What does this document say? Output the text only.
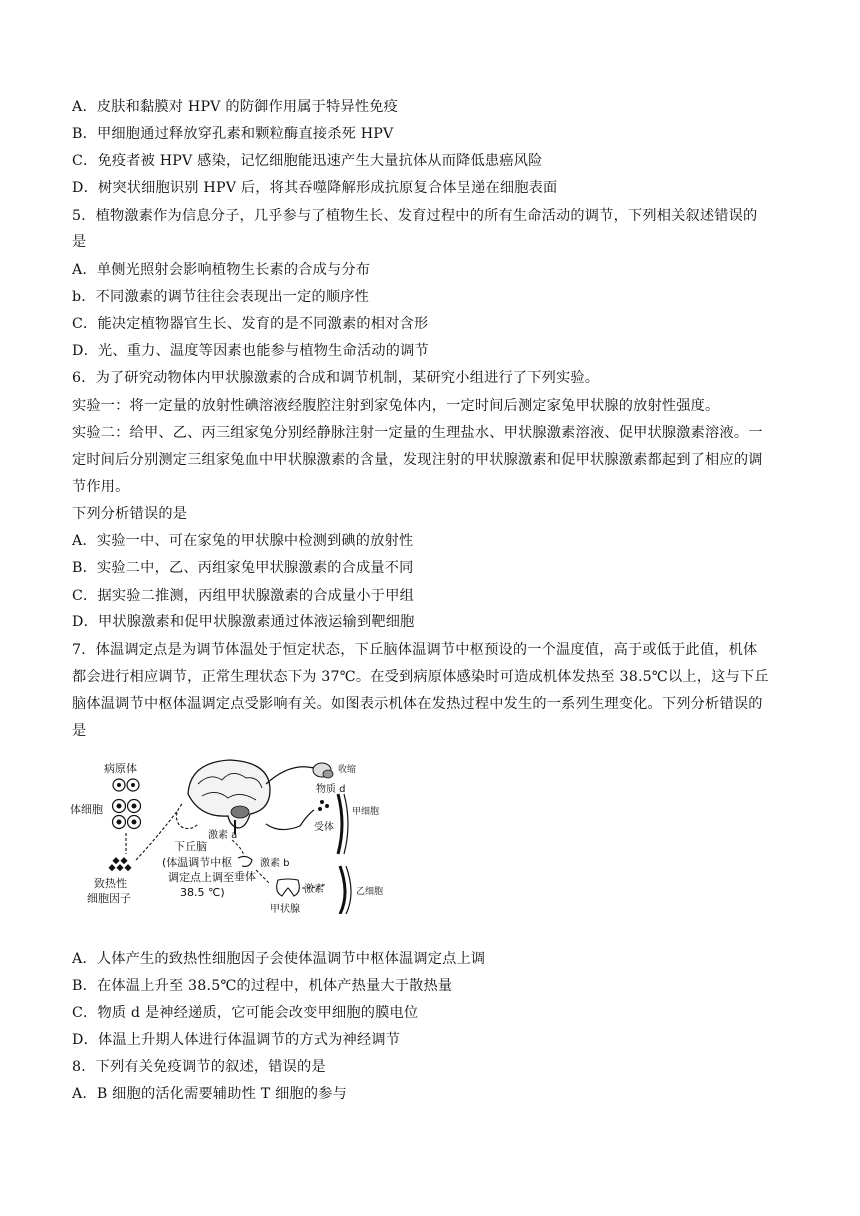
A．皮肤和黏膜对 HPV 的防御作用属于特异性免疫
B．甲细胞通过释放穿孔素和颗粒酶直接杀死 HPV
C．免疫者被 HPV 感染，记忆细胞能迅速产生大量抗体从而降低患癌风险
D．树突状细胞识别 HPV 后，将其吞噬降解形成抗原复合体呈递在细胞表面
5．植物激素作为信息分子，几乎参与了植物生长、发育过程中的所有生命活动的调节，下列相关叙述错误的
是
A．单侧光照射会影响植物生长素的合成与分布
b．不同激素的调节往往会表现出一定的顺序性
C．能决定植物器官生长、发育的是不同激素的相对含形
D．光、重力、温度等因素也能参与植物生命活动的调节
6．为了研究动物体内甲状腺激素的合成和调节机制，某研究小组进行了下列实验。
实验一：将一定量的放射性碘溶液经腹腔注射到家兔体内，一定时间后测定家兔甲状腺的放射性强度。
实验二：给甲、乙、丙三组家兔分别经静脉注射一定量的生理盐水、甲状腺激素溶液、促甲状腺激素溶液。一
定时间后分别测定三组家兔血中甲状腺激素的含量，发现注射的甲状腺激素和促甲状腺激素都起到了相应的调
节作用。
下列分析错误的是
A．实验一中、可在家兔的甲状腺中检测到碘的放射性
B．实验二中，乙、丙组家兔甲状腺激素的合成量不同
C．据实验二推测，丙组甲状腺激素的合成量小于甲组
D．甲状腺激素和促甲状腺激素通过体液运输到靶细胞
7．体温调定点是为调节体温处于恒定状态，下丘脑体温调节中枢预设的一个温度值，高于或低于此值，机体
都会进行相应调节，正常生理状态下为 37℃。在受到病原体感染时可造成机体发热至 38.5℃以上，这与下丘
脑体温调节中枢体温调定点受影响有关。如图表示机体在发热过程中发生的一系列生理变化。下列分析错误的
是
病原体
体细胞
致热性
细胞因子
下丘脑
(体温调节中枢
调定点上调至
38.5 ℃)
激素 a
垂体
激素 b
甲状腺
激素
收缩
物质 d
甲细胞
受体
乙细胞
A．人体产生的致热性细胞因子会使体温调节中枢体温调定点上调
B．在体温上升至 38.5℃的过程中，机体产热量大于散热量
C．物质 d 是神经递质，它可能会改变甲细胞的膜电位
D．体温上升期人体进行体温调节的方式为神经调节
8．下列有关免疫调节的叙述，错误的是
A．B 细胞的活化需要辅助性 T 细胞的参与
